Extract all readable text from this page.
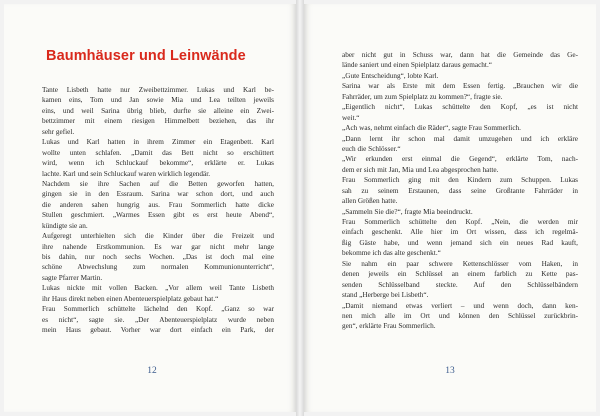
Baumhäuser und Leinwände
Tante Lisbeth hatte nur Zweibettzimmer. Lukas und Karl be-
kamen eins, Tom und Jan sowie Mia und Lea teilten jeweils
eins, und weil Sarina übrig blieb, durfte sie alleine ein Zwei-
bettzimmer mit einem riesigen Himmelbett beziehen, das ihr
sehr gefiel.
Lukas und Karl hatten in ihrem Zimmer ein Etagenbett. Karl
wollte unten schlafen. „Damit das Bett nicht so erschüttert
wird, wenn ich Schluckauf bekomme“, erklärte er. Lukas
lachte. Karl und sein Schluckauf waren wirklich legendär.
Nachdem sie ihre Sachen auf die Betten geworfen hatten,
gingen sie in den Essraum. Sarina war schon dort, und auch
die anderen sahen hungrig aus. Frau Sommerlich hatte dicke
Stullen geschmiert. „Warmes Essen gibt es erst heute Abend“,
kündigte sie an.
Aufgeregt unterhielten sich die Kinder über die Freizeit und
ihre nahende Erstkommunion. Es war gar nicht mehr lange
bis dahin, nur noch sechs Wochen. „Das ist doch mal eine
schöne Abwechslung zum normalen Kommunionunterricht“,
sagte Pfarrer Martin.
Lukas nickte mit vollen Backen. „Vor allem weil Tante Lisbeth
ihr Haus direkt neben einen Abenteuerspielplatz gebaut hat.“
Frau Sommerlich schüttelte lächelnd den Kopf. „Ganz so war
es nicht“, sagte sie. „Der Abenteuerspielplatz wurde neben
mein Haus gebaut. Vorher war dort einfach ein Park, der
12
aber nicht gut in Schuss war, dann hat die Gemeinde das Ge-
lände saniert und einen Spielplatz daraus gemacht.“
„Gute Entscheidung“, lobte Karl.
Sarina war als Erste mit dem Essen fertig. „Brauchen wir die
Fahrräder, um zum Spielplatz zu kommen?“, fragte sie.
„Eigentlich nicht“, Lukas schüttelte den Kopf, „es ist nicht
weit.“
„Ach was, nehmt einfach die Räder“, sagte Frau Sommerlich.
„Dann lernt ihr schon mal damit umzugehen und ich erkläre
euch die Schlösser.“
„Wir erkunden erst einmal die Gegend“, erklärte Tom, nach-
dem er sich mit Jan, Mia und Lea abgesprochen hatte.
Frau Sommerlich ging mit den Kindern zum Schuppen. Lukas
sah zu seinem Erstaunen, dass seine Großtante Fahrräder in
allen Größen hatte.
„Sammeln Sie die?“, fragte Mia beeindruckt.
Frau Sommerlich schüttelte den Kopf. „Nein, die werden mir
einfach geschenkt. Alle hier im Ort wissen, dass ich regelmä-
ßig Gäste habe, und wenn jemand sich ein neues Rad kauft,
bekomme ich das alte geschenkt.“
Sie nahm ein paar schwere Kettenschlösser vom Haken, in
denen jeweils ein Schlüssel an einem farblich zu Kette pas-
senden Schlüsselband steckte. Auf den Schlüsselbändern
stand „Herberge bei Lisbeth“.
„Damit niemand etwas verliert – und wenn doch, dann ken-
nen mich alle im Ort und können den Schlüssel zurückbrin-
gen“, erklärte Frau Sommerlich.
13
